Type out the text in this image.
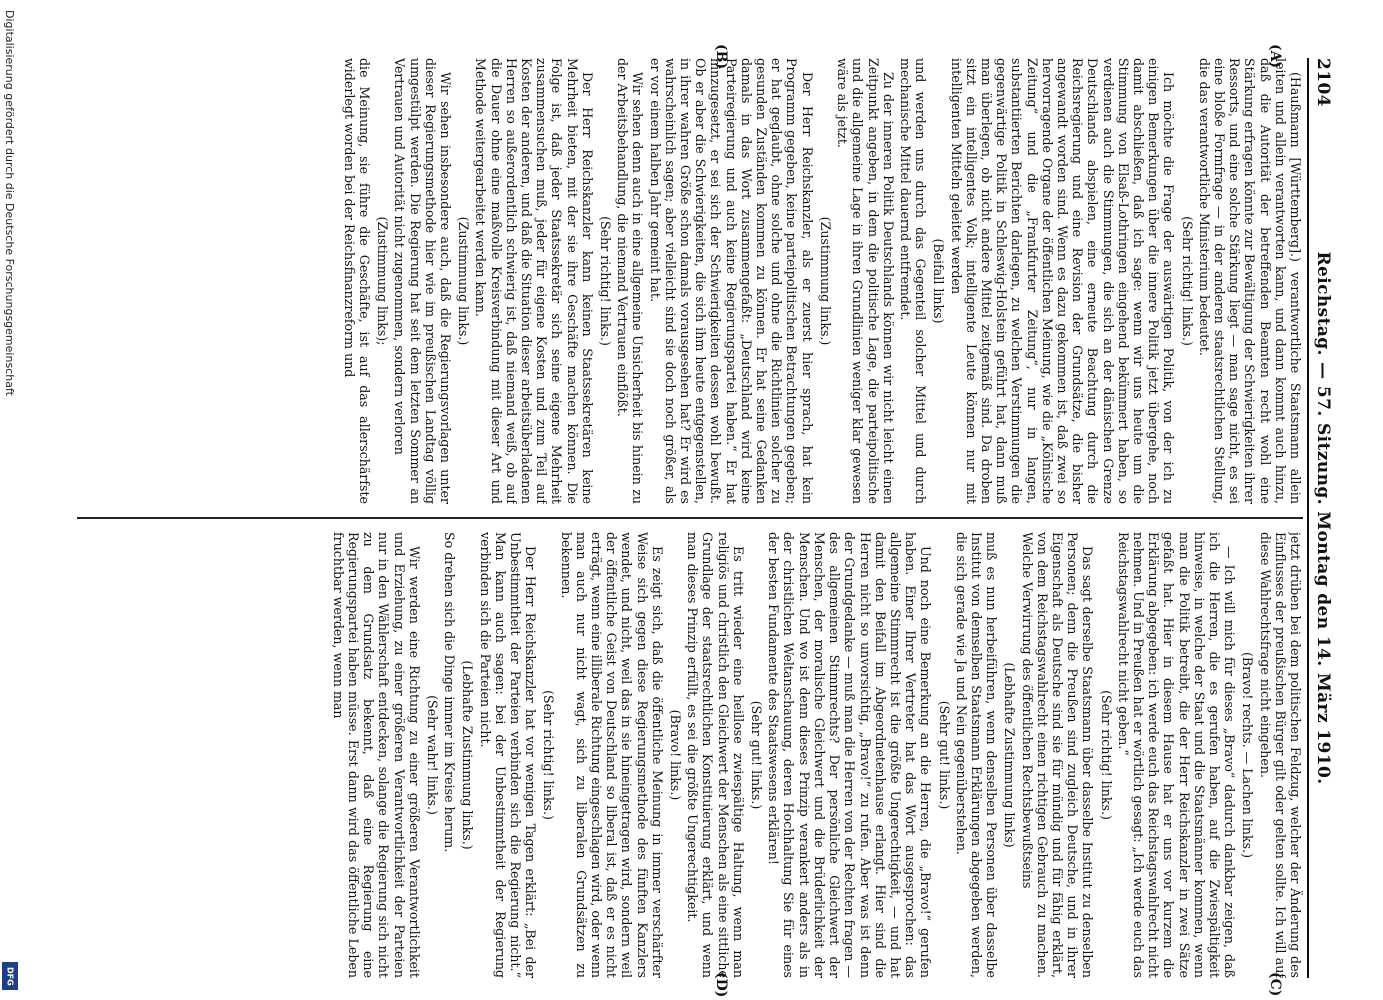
2104
Reichstag. — 57. Sitzung. Montag den 14. März 1910.
(A)
(B)
(C)
(D)

(Haußmann [Württemberg].) verantwortliche Staatsmann allein leiten und allein verantworten kann, und dann kommt auch hinzu, daß die Autorität der betreffenden Beamten recht wohl eine Stärkung erfragen könnte zur Bewältigung der Schwierigkeiten ihrer Ressorts, und eine solche Stärkung liegt — man sage nicht, es sei eine bloße Formfrage — in der anderen staatsrechtlichen Stellung, die das verantwortliche Ministerium bedeutet.

(Sehr richtig! links.)

Ich möchte die Frage der auswärtigen Politik, von der ich zu einigen Bemerkungen über die innere Politik jetzt übergehe, noch damit abschließen, daß ich sage: wenn wir uns heute um die Stimmung von Elsaß-Lothringen eingehend bekümmert haben, so verdienen auch die Stimmungen, die sich an der dänischen Grenze Deutschlands abspielen, eine erneute Beachtung durch die Reichsregierung und eine Revision der Grundsätze, die bisher angewandt worden sind. Wenn es dazu gekommen ist, daß zwei so hervorragende Organe der öffentlichen Meinung, wie die „Kölnische Zeitung“ und die „Frankfurter Zeitung“, nur in langen, substantiierten Berichten darlegen, zu welchen Verstimmungen die gegenwärtige Politik in Schleswig-Holstein geführt hat, dann muß man überlegen, ob nicht andere Mittel zeitgemäß sind. Da droben sitzt ein intelligentes Volk; intelligente Leute können nur mit intelligenten Mitteln geleitet werden

(Beifall links)

und werden uns durch das Gegenteil solcher Mittel und durch mechanische Mittel dauernd entfremdet.

Zu der inneren Politik Deutschlands können wir nicht leicht einen Zeitpunkt angeben, in dem die politische Lage, die parteipolitische und die allgemeine Lage in ihren Grundlinien weniger klar gewesen wäre als jetzt.

(Zustimmung links.)

Der Herr Reichskanzler, als er zuerst hier sprach, hat kein Programm gegeben, keine parteipolitischen Betrachtungen gegeben; er hat geglaubt, ohne solche und ohne die Richtlinien solcher zu gesunden Zuständen kommen zu können. Er hat seine Gedanken damals in das Wort zusammengefaßt: „Deutschland wird keine Parteiregierung und auch keine Regierungspartei haben.“ Er hat hinzugesetzt, er sei sich der Schwierigkeiten dessen wohl bewußt. Ob er aber die Schwierigkeiten, die sich ihm heute entgegenstellen, in ihrer wahren Größe schon damals vorausgesehen hat? Er wird es wahrscheinlich sagen; aber vielleicht sind sie doch noch größer, als er vor einem halben Jahr gemeint hat.

Wir sehen denn auch in eine allgemeine Unsicherheit bis hinein zu der Arbeitsbehandlung, die niemand Vertrauen einflößt.

(Sehr richtig! links.)

Der Herr Reichskanzler kann keinen Staatssekretären keine Mehrheit bieten, mit der sie ihre Geschäfte machen können. Die Folge ist, daß jeder Staatssekretär sich seine eigene Mehrheit zusammensuchen muß, jeder für eigene Kosten und zum Teil auf Kosten der anderen, und daß die Situation dieser arbeitsüberladenen Herren so außerordentlich schwierig ist, daß niemand weiß, ob auf die Dauer ohne eine maßvolle Kreisverbindung mit dieser Art und Methode weitergearbeitet werden kann.

(Zustimmung links.)

Wir sehen insbesondere auch, daß die Regierungsvorlagen unter dieser Regierungsmethode hier wie im preußischen Landtag völlig umgestülpt werden. Die Regierung hat seit dem letzten Sommer an Vertrauen und Autorität nicht zugenommen, sondern verloren

(Zustimmung links);

die Meinung, sie führe die Geschäfte, ist auf das allerschärfste widerlegt worden bei der Reichsfinanzreform und

jetzt drüben bei dem politischen Feldzug, welcher der Änderung des Einflusses der preußischen Bürger gilt oder gelten sollte. Ich will auf diese Wahlrechtsfrage nicht eingehen.

(Bravo! rechts. — Lachen links.)

— Ich will mich für dieses „Bravo“ dadurch dankbar zeigen, daß ich die Herren, die es gerufen haben, auf die Zwiespältigkeit hinweise, in welche der Staat und die Staatsmänner kommen, wenn man die Politik betreibt, die der Herr Reichskanzler in zwei Sätze gefaßt hat. Hier in diesem Hause hat er uns vor kurzem die Erklärung abgegeben: ich werde euch das Reichstagswahlrecht nicht nehmen. Und in Preußen hat er wörtlich gesagt: „Ich werde euch das Reichstagswahlrecht nicht geben.“

(Sehr richtig! links.)

Das sagt derselbe Staatsmann über dasselbe Institut zu denselben Personen; denn die Preußen sind zugleich Deutsche, und in ihrer Eigenschaft als Deutsche sind sie für mündig und für fähig erklärt, von dem Reichstagswahlrecht einen richtigen Gebrauch zu machen. Welche Verwirrung des öffentlichen Rechtsbewußtseins

(Lebhafte Zustimmung links)

muß es nun herbeiführen, wenn denselben Personen über dasselbe Institut von demselben Staatsmann Erklärungen abgegeben werden, die sich gerade wie Ja und Nein gegenüberstehen.

(Sehr gut! links.)

Und noch eine Bemerkung an die Herren, die „Bravo!“ gerufen haben. Einer Ihrer Vertreter hat das Wort ausgesprochen: das allgemeine Stimmrecht ist die größte Ungerechtigkeit, — und hat damit den Beifall im Abgeordnetenhause erlangt. Hier sind die Herren nicht so unvorsichtig, „Bravo!“ zu rufen. Aber was ist denn der Grundgedanke — muß man die Herren von der Rechten fragen — des allgemeinen Stimmrechts? Der persönliche Gleichwert der Menschen, der moralische Gleichwert und die Brüderlichkeit der Menschen. Und wo ist denn dieses Prinzip verankert anders als in der christlichen Weltanschauung, deren Hochhaltung Sie für eines der besten Fundamente des Staatswesens erklären!

(Sehr gut! links.)

Es tritt wieder eine heillose zwiespältige Haltung, wenn man religiös und christlich den Gleichwert der Menschen als eine sittliche Grundlage der staatsrechtlichen Konstituierung erklärt, und wenn man dieses Prinzip erfüllt, es sei die größte Ungerechtigkeit.

(Bravo! links.)

Es zeigt sich, daß die öffentliche Meinung in immer verschärfter Weise sich gegen diese Regierungsmethode des fünften Kanzlers wendet, und nicht, weil das in sie hineingetragen wird, sondern weil der öffentliche Geist von Deutschland so liberal ist, daß er es nicht erträgt, wenn eine illiberale Richtung eingeschlagen wird, oder wenn man auch nur nicht wagt, sich zu liberalen Grundsätzen zu bekennen.

(Sehr richtig! links.)

Der Herr Reichskanzler hat vor wenigen Tagen erklärt: „Bei der Unbestimmtheit der Parteien verbinden sich die Regierung nicht.“ Man kann auch sagen: bei der Unbestimmtheit der Regierung verbinden sich die Parteien nicht.

(Lebhafte Zustimmung links.)

So drehen sich die Dinge immer im Kreise herum.

(Sehr wahr! links.)

Wir werden eine Richtung zu einer größeren Verantwortlichkeit und Erziehung, zu einer größeren Verantwortlichkeit der Parteien nur in den Wählerschaft entdecken, solange die Regierung sich nicht zu dem Grundsatz bekennt, daß eine Regierung eine Regierungspartei haben müsse. Erst dann wird das öffentliche Leben fruchtbar werden, wenn man

Digitalisierung gefördert durch die Deutsche Forschungsgemeinschaft
DFG
